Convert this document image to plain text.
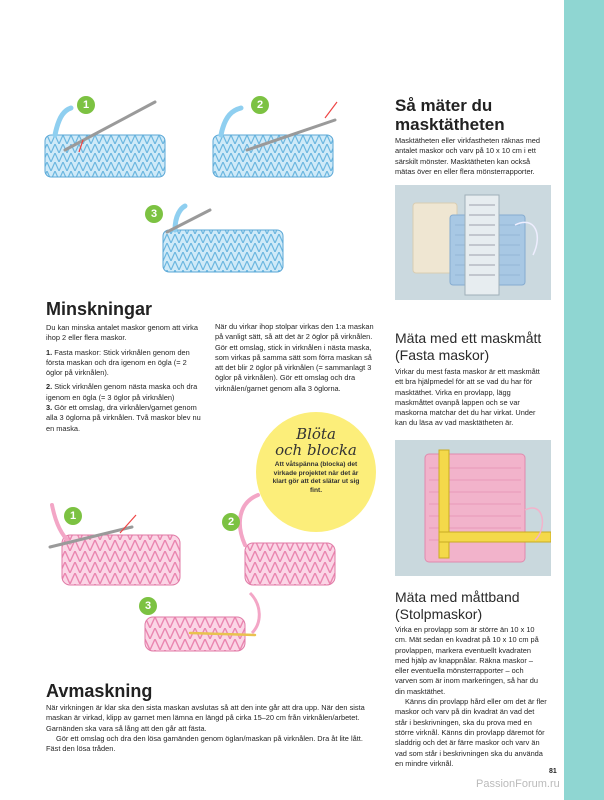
1	2
3
Minskningar

Du kan minska antalet maskor genom att virka ihop 2 eller flera maskor.

1. Fasta maskor: Stick virknålen genom den första maskan och dra igenom en ögla (= 2 öglor på virknålen).

2. Stick virknålen genom nästa maska och dra igenom en ögla (= 3 öglor på virknålen)

3. Gör ett omslag, dra virknålen/garnet genom alla 3 öglorna på virknålen. Två maskor blev nu en maska.

När du virkar ihop stolpar virkas den 1:a maskan på vanligt sätt, så att det är 2 öglor på virknålen. Gör ett omslag, stick in virknålen i nästa maska, som virkas på samma sätt som förra maskan så att det blir 2 öglor på virknålen (= sammanlagt 3 öglor på virknålen). Gör ett omslag och dra virknålen/garnet genom alla 3 öglorna.

Blöta
och blocka
Att våtspänna (blocka) det virkade projektet när det är klart gör att det slätar ut sig fint.
1	2
3
Avmaskning

När virkningen är klar ska den sista maskan avslutas så att den inte går att dra upp. När den sista maskan är virkad, klipp av garnet men lämna en längd på cirka 15–20 cm från virknålen/arbetet. Garnänden ska vara så lång att den går att fästa.

Gör ett omslag och dra den lösa garnänden genom öglan/maskan på virknålen. Dra åt lite lått. Fäst den lösa tråden.

Så mäter du
masktätheten

Masktätheten eller virkfastheten räknas med antalet maskor och varv på 10 x 10 cm i ett särskilt mönster. Masktätheten kan också mätas över en eller flera mönsterrapporter.

Mäta med ett maskmått
(Fasta maskor)

Virkar du mest fasta maskor är ett maskmått ett bra hjälpmedel för att se vad du har för masktäthet. Virka en provlapp, lägg maskmåttet ovanpå lappen och se var maskorna matchar det du har virkat. Under kan du läsa av vad masktätheten är.

Mäta med måttband
(Stolpmaskor)

Virka en provlapp som är större än 10 x 10 cm. Mät sedan en kvadrat på 10 x 10 cm på provlappen, markera eventuellt kvadraten med hjälp av knappnålar. Räkna maskor – eller eventuella mönsterrapporter – och varven som är inom markeringen, så har du din masktäthet.

Känns din provlapp hård eller om det är fler maskor och varv på din kvadrat än vad det står i beskrivningen, ska du prova med en större virknål. Känns din provlapp däremot för sladdrig och det är färre maskor och varv än vad som står i beskrivningen ska du använda en mindre virknål.

81
PassionForum.ru
